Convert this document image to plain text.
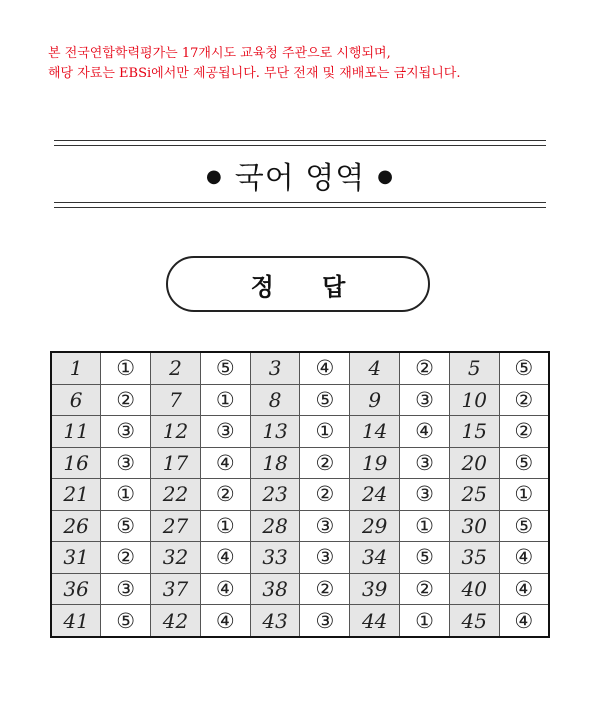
본 전국연합학력평가는 17개시도 교육청 주관으로 시행되며,
해당 자료는 EBSi에서만 제공됩니다. 무단 전재 및 재배포는 금지됩니다.
● 국어 영역 ●
정 답
1	①	2	⑤	3	④	4	②	5	⑤
6	②	7	①	8	⑤	9	③	10	②
11	③	12	③	13	①	14	④	15	②
16	③	17	④	18	②	19	③	20	⑤
21	①	22	②	23	②	24	③	25	①
26	⑤	27	①	28	③	29	①	30	⑤
31	②	32	④	33	③	34	⑤	35	④
36	③	37	④	38	②	39	②	40	④
41	⑤	42	④	43	③	44	①	45	④
